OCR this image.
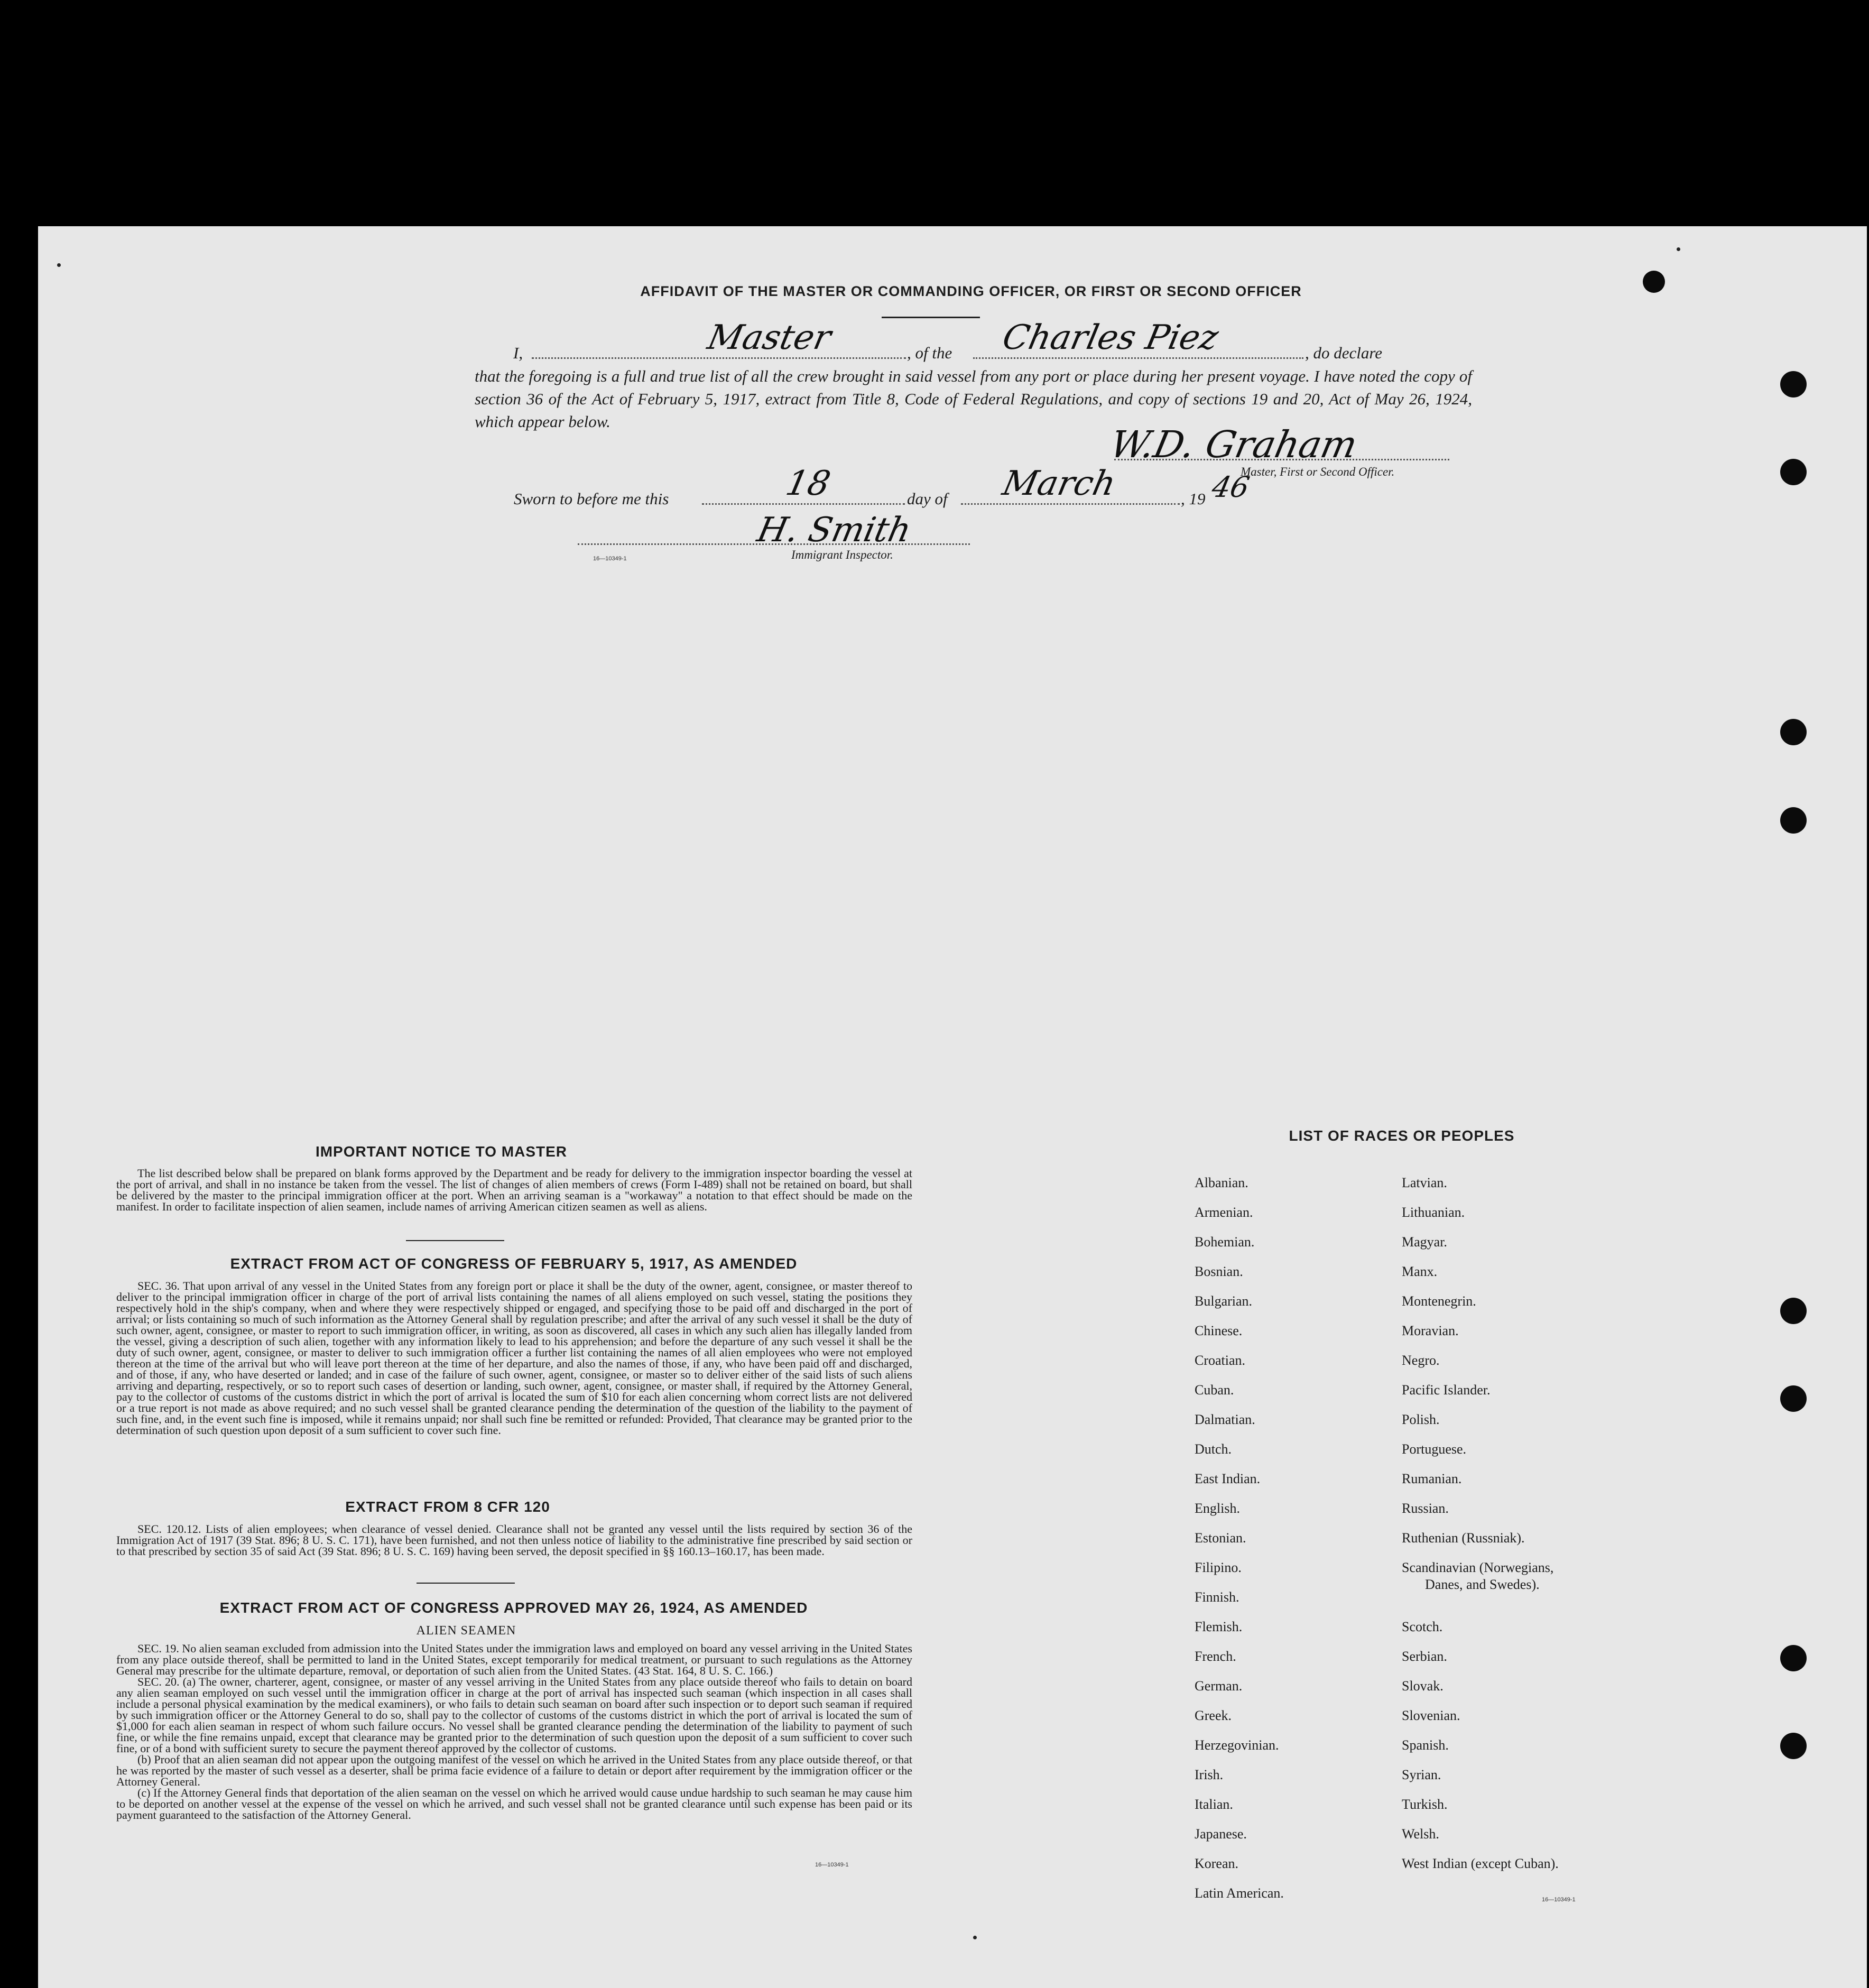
AFFIDAVIT OF THE MASTER OR COMMANDING OFFICER, OR FIRST OR SECOND OFFICER
I,	Master	, of the Charles Piez	, do declare
that the foregoing is a full and true list of all the crew brought in said vessel from any port or place during her present voyage. I have noted the copy of section 36 of the Act of February 5, 1917, extract from Title 8, Code of Federal Regulations, and copy of sections 19 and 20, Act of May 26, 1924, which appear below.
W.D. Graham
Master, First or Second Officer.
Sworn to before me this	18	day of March	, 19 46
H. Smith
Immigrant Inspector.
16—10349-1
IMPORTANT NOTICE TO MASTER

The list described below shall be prepared on blank forms approved by the Department and be ready for delivery to the immigration inspector boarding the vessel at the port of arrival, and shall in no instance be taken from the vessel. The list of changes of alien members of crews (Form I-489) shall not be retained on board, but shall be delivered by the master to the principal immigration officer at the port. When an arriving seaman is a "workaway" a notation to that effect should be made on the manifest. In order to facilitate inspection of alien seamen, include names of arriving American citizen seamen as well as aliens.

EXTRACT FROM ACT OF CONGRESS OF FEBRUARY 5, 1917, AS AMENDED

SEC. 36. That upon arrival of any vessel in the United States from any foreign port or place it shall be the duty of the owner, agent, consignee, or master thereof to deliver to the principal immigration officer in charge of the port of arrival lists containing the names of all aliens employed on such vessel, stating the positions they respectively hold in the ship's company, when and where they were respectively shipped or engaged, and specifying those to be paid off and discharged in the port of arrival; or lists containing so much of such information as the Attorney General shall by regulation prescribe; and after the arrival of any such vessel it shall be the duty of such owner, agent, consignee, or master to report to such immigration officer, in writing, as soon as discovered, all cases in which any such alien has illegally landed from the vessel, giving a description of such alien, together with any information likely to lead to his apprehension; and before the departure of any such vessel it shall be the duty of such owner, agent, consignee, or master to deliver to such immigration officer a further list containing the names of all alien employees who were not employed thereon at the time of the arrival but who will leave port thereon at the time of her departure, and also the names of those, if any, who have been paid off and discharged, and of those, if any, who have deserted or landed; and in case of the failure of such owner, agent, consignee, or master so to deliver either of the said lists of such aliens arriving and departing, respectively, or so to report such cases of desertion or landing, such owner, agent, consignee, or master shall, if required by the Attorney General, pay to the collector of customs of the customs district in which the port of arrival is located the sum of $10 for each alien concerning whom correct lists are not delivered or a true report is not made as above required; and no such vessel shall be granted clearance pending the determination of the question of the liability to the payment of such fine, and, in the event such fine is imposed, while it remains unpaid; nor shall such fine be remitted or refunded: Provided, That clearance may be granted prior to the determination of such question upon deposit of a sum sufficient to cover such fine.

EXTRACT FROM 8 CFR 120

SEC. 120.12. Lists of alien employees; when clearance of vessel denied. Clearance shall not be granted any vessel until the lists required by section 36 of the Immigration Act of 1917 (39 Stat. 896; 8 U. S. C. 171), have been furnished, and not then unless notice of liability to the administrative fine prescribed by said section or to that prescribed by section 35 of said Act (39 Stat. 896; 8 U. S. C. 169) having been served, the deposit specified in §§ 160.13–160.17, has been made.

EXTRACT FROM ACT OF CONGRESS APPROVED MAY 26, 1924, AS AMENDED
ALIEN SEAMEN

SEC. 19. No alien seaman excluded from admission into the United States under the immigration laws and employed on board any vessel arriving in the United States from any place outside thereof, shall be permitted to land in the United States, except temporarily for medical treatment, or pursuant to such regulations as the Attorney General may prescribe for the ultimate departure, removal, or deportation of such alien from the United States. (43 Stat. 164, 8 U. S. C. 166.)

SEC. 20. (a) The owner, charterer, agent, consignee, or master of any vessel arriving in the United States from any place outside thereof who fails to detain on board any alien seaman employed on such vessel until the immigration officer in charge at the port of arrival has inspected such seaman (which inspection in all cases shall include a personal physical examination by the medical examiners), or who fails to detain such seaman on board after such inspection or to deport such seaman if required by such immigration officer or the Attorney General to do so, shall pay to the collector of customs of the customs district in which the port of arrival is located the sum of $1,000 for each alien seaman in respect of whom such failure occurs. No vessel shall be granted clearance pending the determination of the liability to payment of such fine, or while the fine remains unpaid, except that clearance may be granted prior to the determination of such question upon the deposit of a sum sufficient to cover such fine, or of a bond with sufficient surety to secure the payment thereof approved by the collector of customs.

(b) Proof that an alien seaman did not appear upon the outgoing manifest of the vessel on which he arrived in the United States from any place outside thereof, or that he was reported by the master of such vessel as a deserter, shall be prima facie evidence of a failure to detain or deport after requirement by the immigration officer or the Attorney General.

(c) If the Attorney General finds that deportation of the alien seaman on the vessel on which he arrived would cause undue hardship to such seaman he may cause him to be deported on another vessel at the expense of the vessel on which he arrived, and such vessel shall not be granted clearance until such expense has been paid or its payment guaranteed to the satisfaction of the Attorney General.

16—10349-1
LIST OF RACES OR PEOPLES
Albanian.
Armenian.
Bohemian.
Bosnian.
Bulgarian.
Chinese.
Croatian.
Cuban.
Dalmatian.
Dutch.
East Indian.
English.
Estonian.
Filipino.
Finnish.
Flemish.
French.
German.
Greek.
Herzegovinian.
Irish.
Italian.
Japanese.
Korean.
Latin American.
Latvian.
Lithuanian.
Magyar.
Manx.
Montenegrin.
Moravian.
Negro.
Pacific Islander.
Polish.
Portuguese.
Rumanian.
Russian.
Ruthenian (Russniak).
Scandinavian (Norwegians,
Danes, and Swedes).
Scotch.
Serbian.
Slovak.
Slovenian.
Spanish.
Syrian.
Turkish.
Welsh.
West Indian (except Cuban).
16—10349-1
